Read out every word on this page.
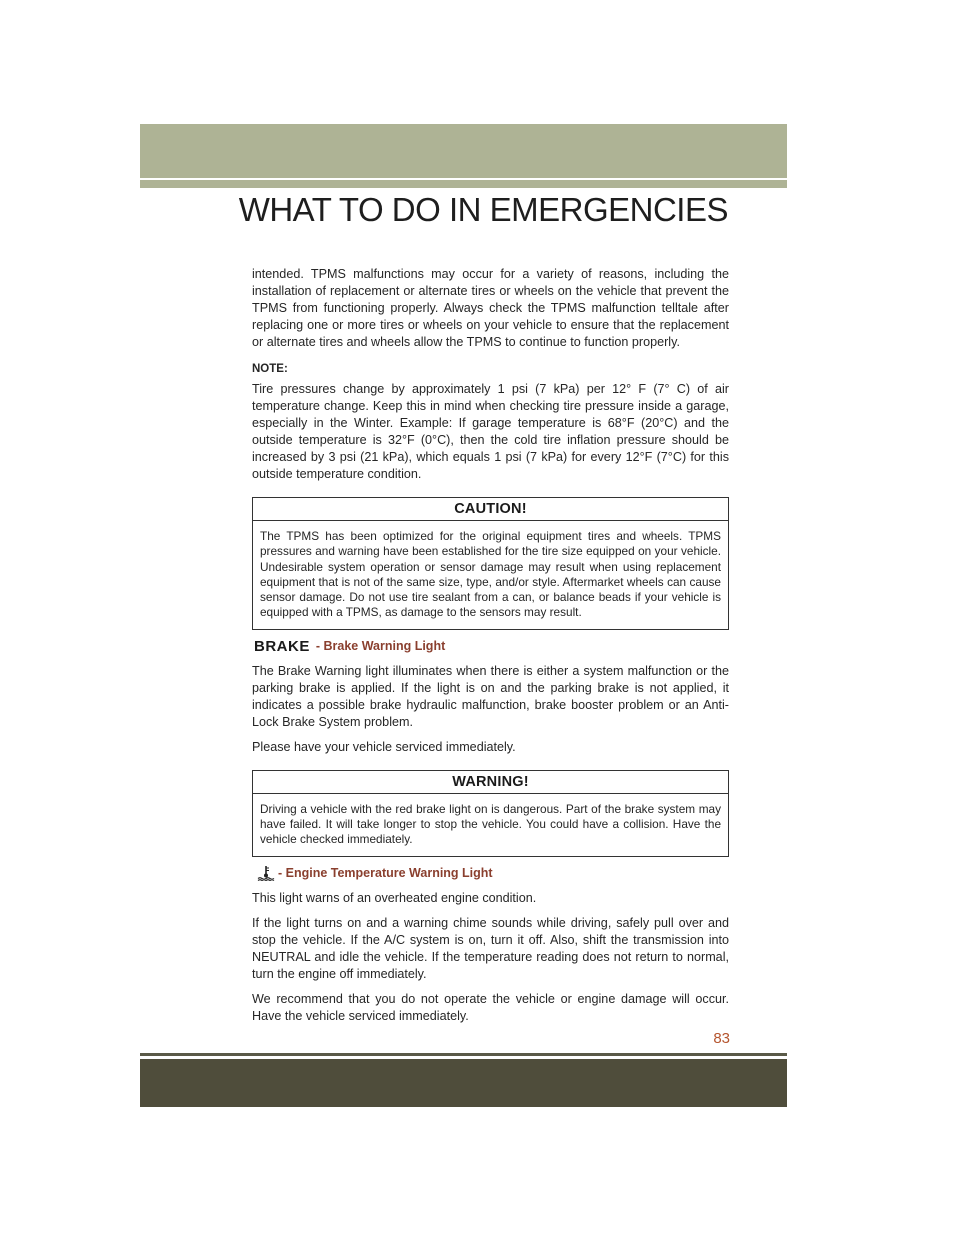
WHAT TO DO IN EMERGENCIES

intended. TPMS malfunctions may occur for a variety of reasons, including the installation of replacement or alternate tires or wheels on the vehicle that prevent the TPMS from functioning properly. Always check the TPMS malfunction telltale after replacing one or more tires or wheels on your vehicle to ensure that the replacement or alternate tires and wheels allow the TPMS to continue to function properly.

NOTE:

Tire pressures change by approximately 1 psi (7 kPa) per 12° F (7° C) of air temperature change. Keep this in mind when checking tire pressure inside a garage, especially in the Winter. Example: If garage temperature is 68°F (20°C) and the outside temperature is 32°F (0°C), then the cold tire inflation pressure should be increased by 3 psi (21 kPa), which equals 1 psi (7 kPa) for every 12°F (7°C) for this outside temperature condition.

CAUTION!
The TPMS has been optimized for the original equipment tires and wheels. TPMS pressures and warning have been established for the tire size equipped on your vehicle. Undesirable system operation or sensor damage may result when using replacement equipment that is not of the same size, type, and/or style. Aftermarket wheels can cause sensor damage. Do not use tire sealant from a can, or balance beads if your vehicle is equipped with a TPMS, as damage to the sensors may result.
BRAKE - Brake Warning Light

The Brake Warning light illuminates when there is either a system malfunction or the parking brake is applied. If the light is on and the parking brake is not applied, it indicates a possible brake hydraulic malfunction, brake booster problem or an Anti-Lock Brake System problem.

Please have your vehicle serviced immediately.

WARNING!
Driving a vehicle with the red brake light on is dangerous. Part of the brake system may have failed. It will take longer to stop the vehicle. You could have a collision. Have the vehicle checked immediately.
- Engine Temperature Warning Light

This light warns of an overheated engine condition.

If the light turns on and a warning chime sounds while driving, safely pull over and stop the vehicle. If the A/C system is on, turn it off. Also, shift the transmission into NEUTRAL and idle the vehicle. If the temperature reading does not return to normal, turn the engine off immediately.

We recommend that you do not operate the vehicle or engine damage will occur. Have the vehicle serviced immediately.

83
